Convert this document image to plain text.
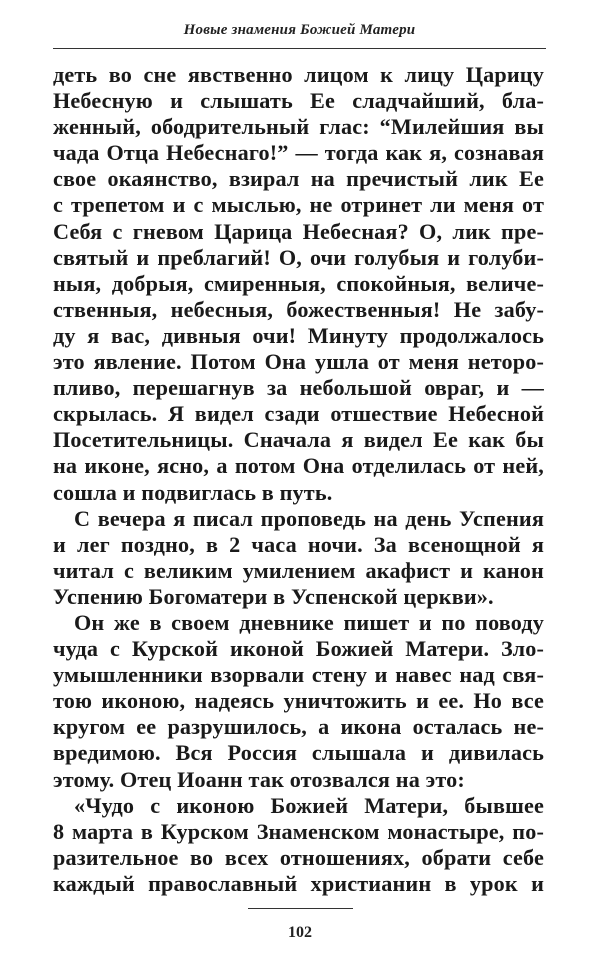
Новые знамения Божией Матери
деть во сне явственно лицом к лицу Царицу
Небесную и слышать Ее сладчайший, бла-
женный, ободрительный глас: “Милейшия вы
чада Отца Небеснаго!” — тогда как я, сознавая
свое окаянство, взирал на пречистый лик Ее
с трепетом и с мыслью, не отринет ли меня от
Себя с гневом Царица Небесная? О, лик пре-
святый и преблагий! О, очи голубыя и голуби-
ныя, добрыя, смиренныя, спокойныя, величе-
ственныя, небесныя, божественныя! Не забу-
ду я вас, дивныя очи! Минуту продолжалось
это явление. Потом Она ушла от меня неторо-
пливо, перешагнув за небольшой овраг, и —
скрылась. Я видел сзади отшествие Небесной
Посетительницы. Сначала я видел Ее как бы
на иконе, ясно, а потом Она отделилась от ней,
сошла и подвиглась в путь.
С вечера я писал проповедь на день Успения
и лег поздно, в 2 часа ночи. За всенощной я
читал с великим умилением акафист и канон
Успению Богоматери в Успенской церкви».
Он же в своем дневнике пишет и по поводу
чуда с Курской иконой Божией Матери. Зло-
умышленники взорвали стену и навес над свя-
тою иконою, надеясь уничтожить и ее. Но все
кругом ее разрушилось, а икона осталась не-
вредимою. Вся Россия слышала и дивилась
этому. Отец Иоанн так отозвался на это:
«Чудо с иконою Божией Матери, бывшее
8 марта в Курском Знаменском монастыре, по-
разительное во всех отношениях, обрати себе
каждый православный христианин в урок и
102
